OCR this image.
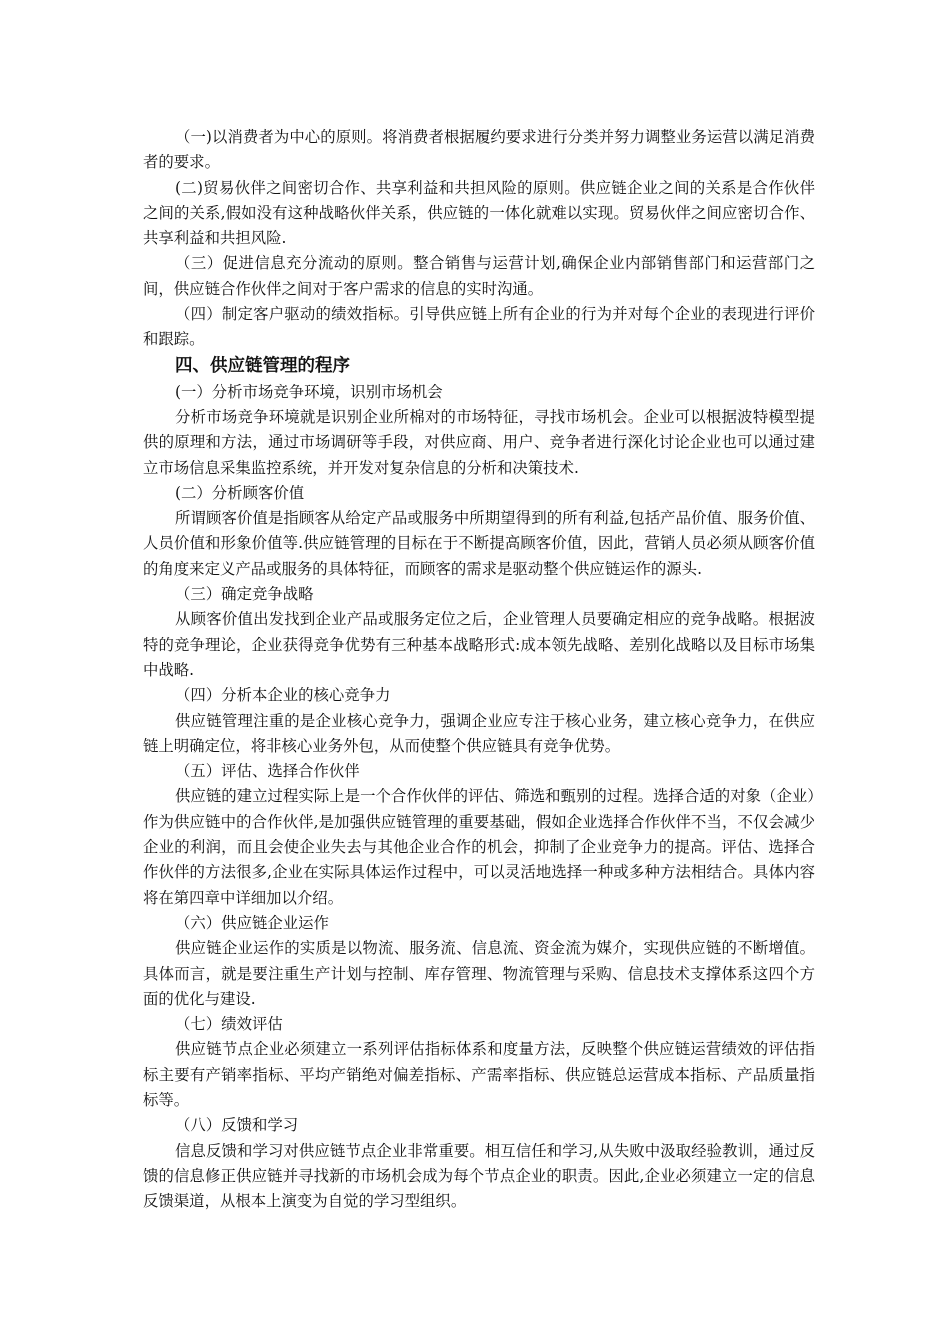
（一)以消费者为中心的原则。将消费者根据履约要求进行分类并努力调整业务运营以满足消费者的要求。

(二)贸易伙伴之间密切合作、共享利益和共担风险的原则。供应链企业之间的关系是合作伙伴之间的关系,假如没有这种战略伙伴关系，供应链的一体化就难以实现。贸易伙伴之间应密切合作、共享利益和共担风险.

（三）促进信息充分流动的原则。整合销售与运营计划,确保企业内部销售部门和运营部门之间，供应链合作伙伴之间对于客户需求的信息的实时沟通。

（四）制定客户驱动的绩效指标。引导供应链上所有企业的行为并对每个企业的表现进行评价和跟踪。

四、供应链管理的程序

(一）分析市场竞争环境，识别市场机会

分析市场竞争环境就是识别企业所棉对的市场特征，寻找市场机会。企业可以根据波特模型提供的原理和方法，通过市场调研等手段，对供应商、用户、竞争者进行深化讨论企业也可以通过建立市场信息采集监控系统，并开发对复杂信息的分析和决策技术.

(二）分析顾客价值

所谓顾客价值是指顾客从给定产品或服务中所期望得到的所有利益,包括产品价值、服务价值、人员价值和形象价值等.供应链管理的目标在于不断提高顾客价值，因此，营销人员必须从顾客价值的角度来定义产品或服务的具体特征，而顾客的需求是驱动整个供应链运作的源头.

（三）确定竞争战略

从顾客价值出发找到企业产品或服务定位之后，企业管理人员要确定相应的竞争战略。根据波特的竞争理论，企业获得竞争优势有三种基本战略形式:成本领先战略、差别化战略以及目标市场集中战略.

（四）分析本企业的核心竞争力

供应链管理注重的是企业核心竞争力，强调企业应专注于核心业务，建立核心竞争力，在供应链上明确定位，将非核心业务外包，从而使整个供应链具有竞争优势。

（五）评估、选择合作伙伴

供应链的建立过程实际上是一个合作伙伴的评估、筛选和甄别的过程。选择合适的对象（企业）作为供应链中的合作伙伴,是加强供应链管理的重要基础，假如企业选择合作伙伴不当，不仅会减少企业的利润，而且会使企业失去与其他企业合作的机会，抑制了企业竞争力的提高。评估、选择合作伙伴的方法很多,企业在实际具体运作过程中，可以灵活地选择一种或多种方法相结合。具体内容将在第四章中详细加以介绍。

（六）供应链企业运作

供应链企业运作的实质是以物流、服务流、信息流、资金流为媒介，实现供应链的不断增值。具体而言，就是要注重生产计划与控制、库存管理、物流管理与采购、信息技术支撑体系这四个方面的优化与建设.

（七）绩效评估

供应链节点企业必须建立一系列评估指标体系和度量方法，反映整个供应链运营绩效的评估指标主要有产销率指标、平均产销绝对偏差指标、产需率指标、供应链总运营成本指标、产品质量指标等。

（八）反馈和学习

信息反馈和学习对供应链节点企业非常重要。相互信任和学习,从失败中汲取经验教训，通过反馈的信息修正供应链并寻找新的市场机会成为每个节点企业的职责。因此,企业必须建立一定的信息反馈渠道，从根本上演变为自觉的学习型组织。
